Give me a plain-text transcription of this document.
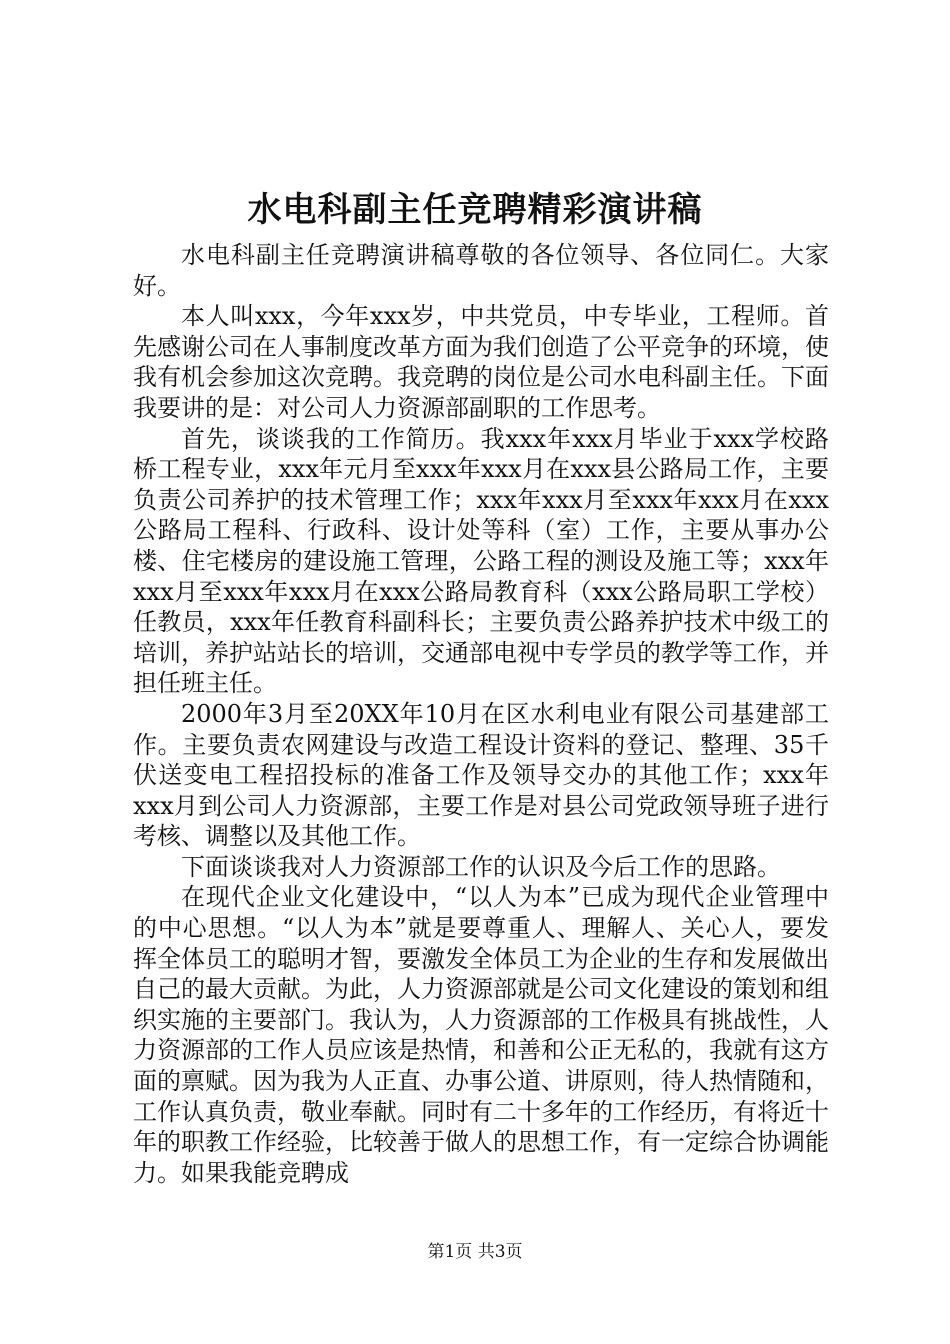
水电科副主任竞聘精彩演讲稿

水电科副主任竞聘演讲稿尊敬的各位领导、各位同仁。大家好。

本人叫xxx，今年xxx岁，中共党员，中专毕业，工程师。首先感谢公司在人事制度改革方面为我们创造了公平竞争的环境，使我有机会参加这次竞聘。我竞聘的岗位是公司水电科副主任。下面我要讲的是：对公司人力资源部副职的工作思考。

首先，谈谈我的工作简历。我xxx年xxx月毕业于xxx学校路桥工程专业，xxx年元月至xxx年xxx月在xxx县公路局工作，主要负责公司养护的技术管理工作；xxx年xxx月至xxx年xxx月在xxx公路局工程科、行政科、设计处等科（室）工作，主要从事办公楼、住宅楼房的建设施工管理，公路工程的测设及施工等；xxx年xxx月至xxx年xxx月在xxx公路局教育科（xxx公路局职工学校）任教员，xxx年任教育科副科长；主要负责公路养护技术中级工的培训，养护站站长的培训，交通部电视中专学员的教学等工作，并担任班主任。

2000年3月至20XX年10月在区水利电业有限公司基建部工作。主要负责农网建设与改造工程设计资料的登记、整理、35千伏送变电工程招投标的准备工作及领导交办的其他工作；xxx年xxx月到公司人力资源部，主要工作是对县公司党政领导班子进行考核、调整以及其他工作。

下面谈谈我对人力资源部工作的认识及今后工作的思路。

在现代企业文化建设中，“以人为本”已成为现代企业管理中的中心思想。“以人为本”就是要尊重人、理解人、关心人，要发挥全体员工的聪明才智，要激发全体员工为企业的生存和发展做出自己的最大贡献。为此，人力资源部就是公司文化建设的策划和组织实施的主要部门。我认为，人力资源部的工作极具有挑战性，人力资源部的工作人员应该是热情，和善和公正无私的，我就有这方面的禀赋。因为我为人正直、办事公道、讲原则，待人热情随和，工作认真负责，敬业奉献。同时有二十多年的工作经历，有将近十年的职教工作经验，比较善于做人的思想工作，有一定综合协调能力。如果我能竞聘成

第1页 共3页
